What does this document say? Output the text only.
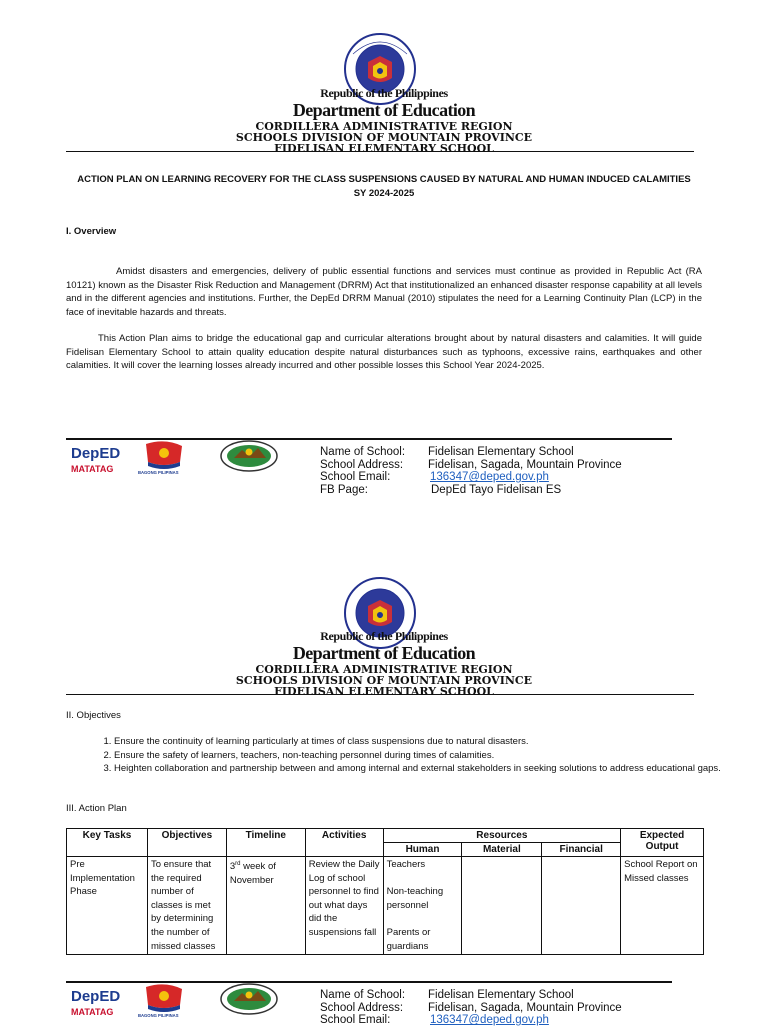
Republic of the Philippines
Department of Education
CORDILLERA ADMINISTRATIVE REGION
SCHOOLS DIVISION OF MOUNTAIN PROVINCE
FIDELISAN ELEMENTARY SCHOOL
ACTION PLAN ON LEARNING RECOVERY FOR THE CLASS SUSPENSIONS CAUSED BY NATURAL AND HUMAN INDUCED CALAMITIES
SY 2024-2025
I. Overview
Amidst disasters and emergencies, delivery of public essential functions and services must continue as provided in Republic Act (RA 10121) known as the Disaster Risk Reduction and Management (DRRM) Act that institutionalized an enhanced disaster response capability at all levels and in the different agencies and institutions. Further, the DepEd DRRM Manual (2010) stipulates the need for a Learning Continuity Plan (LCP) in the face of inevitable hazards and threats.
This Action Plan aims to bridge the educational gap and curricular alterations brought about by natural disasters and calamities. It will guide Fidelisan Elementary School to attain quality education despite natural disturbances such as typhoons, excessive rains, earthquakes and other calamities. It will cover the learning losses already incurred and other possible losses this School Year 2024-2025.
DepED
MATATAG	BAGONG PILIPINAS
Name of School: Fidelisan Elementary School
School Address: Fidelisan, Sagada, Mountain Province
School Email:	136347@deped.gov.ph
FB Page:	DepEd Tayo Fidelisan ES
Republic of the Philippines
Department of Education
CORDILLERA ADMINISTRATIVE REGION
SCHOOLS DIVISION OF MOUNTAIN PROVINCE
FIDELISAN ELEMENTARY SCHOOL
II. Objectives
1. Ensure the continuity of learning particularly at times of class suspensions due to natural disasters.
2. Ensure the safety of learners, teachers, non-teaching personnel during times of calamities.
3. Heighten collaboration and partnership between and among internal and external stakeholders in seeking solutions to address educational gaps.
III. Action Plan
Key Tasks	Objectives	Timeline	Activities	Resources			Expected Output
				Human	Material	Financial	
Pre Implementation Phase	To ensure that the required number of classes is met by determining the number of missed classes	3rd week of November	Review the Daily Log of school personnel to find out what days did the suspensions fall	Teachers
Non-teaching personnel
Parents or guardians			School Report on Missed classes
DepED
MATATAG	BAGONG PILIPINAS
Name of School: Fidelisan Elementary School
School Address: Fidelisan, Sagada, Mountain Province
School Email:	136347@deped.gov.ph
